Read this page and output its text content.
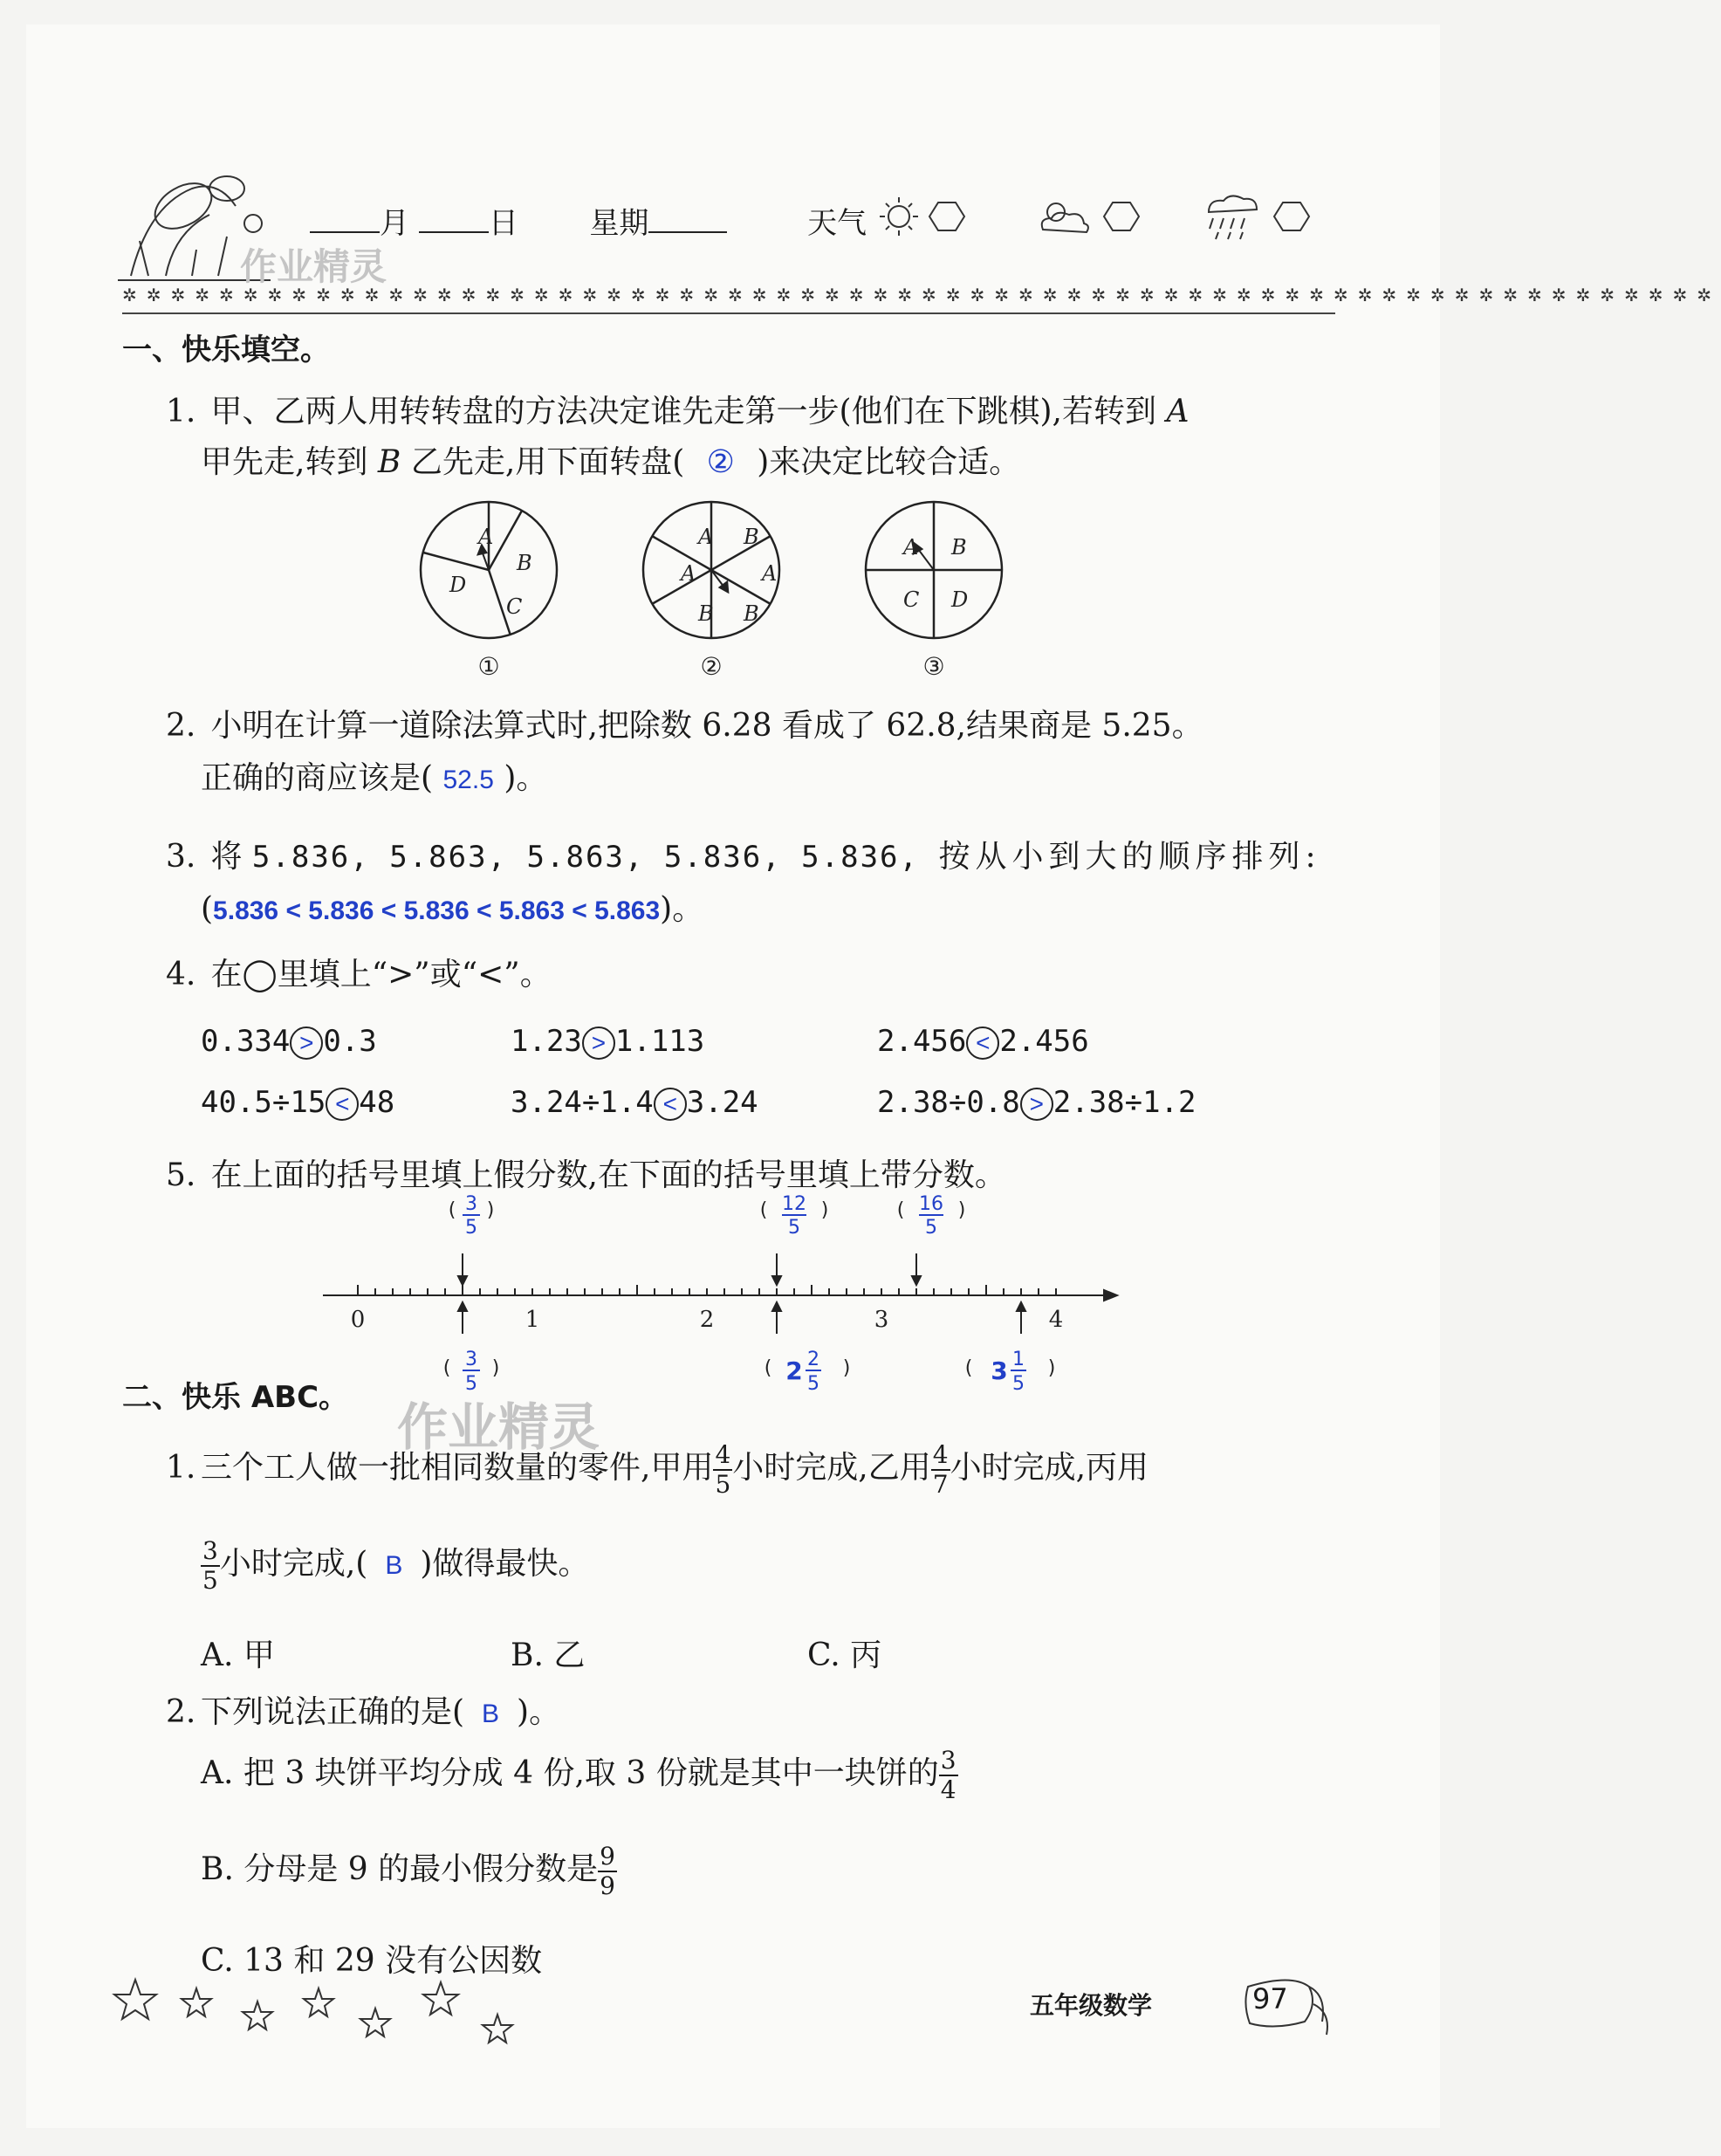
月	日 星期	天气
作业精灵
✲✲✲✲✲✲✲✲✲✲✲✲✲✲✲✲✲✲✲✲✲✲✲✲✲✲✲✲✲✲✲✲✲✲✲✲✲✲✲✲✲✲✲✲✲✲✲✲✲✲✲✲✲✲✲✲✲✲✲✲✲✲✲✲✲✲
一、快乐填空。
1. 甲、乙两人用转转盘的方法决定谁先走第一步(他们在下跳棋),若转到 A
甲先走,转到 B 乙先走,用下面转盘( ② )来决定比较合适。
A
B
C
D
A B
A
B
B
A
A B
C D
①	②	③
2. 小明在计算一道除法算式时,把除数 6.28 看成了 62.8,结果商是 5.25。
正确的商应该是( 52.5 )。
3. 将 5.836, 5.863, 5.863, 5.836, 5.836, 按从小到大的顺序排列:
(5.836 < 5.836 < 5.836 < 5.863 < 5.863)。
4. 在◯里填上“>”或“<”。
0.334 > 0.3	1.23 > 1.113	2.456 < 2.456
40.5÷15 < 48	3.24÷1.4 < 3.24	2.38÷0.8 > 2.38÷1.2
5. 在上面的括号里填上假分数,在下面的括号里填上带分数。
0	1	2	3	4
( )
3
5
(	)
12
5
(	)
16
5
( )
3
5
(	)
2 2
5
(	)
3 1
5
二、快乐 ABC。 作业精灵
1. 三个工人做一批相同数量的零件,甲用 $\frac{4}{5}$ 小时完成,乙用 $\frac{4}{7}$ 小时完成,丙用
$\frac{3}{5}$ 小时完成,( B )做得最快。
A. 甲	B. 乙	C. 丙
2. 下列说法正确的是( B )。
A. 把 3 块饼平均分成 4 份,取 3 份就是其中一块饼的 $\frac{3}{4}$
B. 分母是 9 的最小假分数是 $\frac{9}{9}$
C. 13 和 29 没有公因数
五年级数学	97
